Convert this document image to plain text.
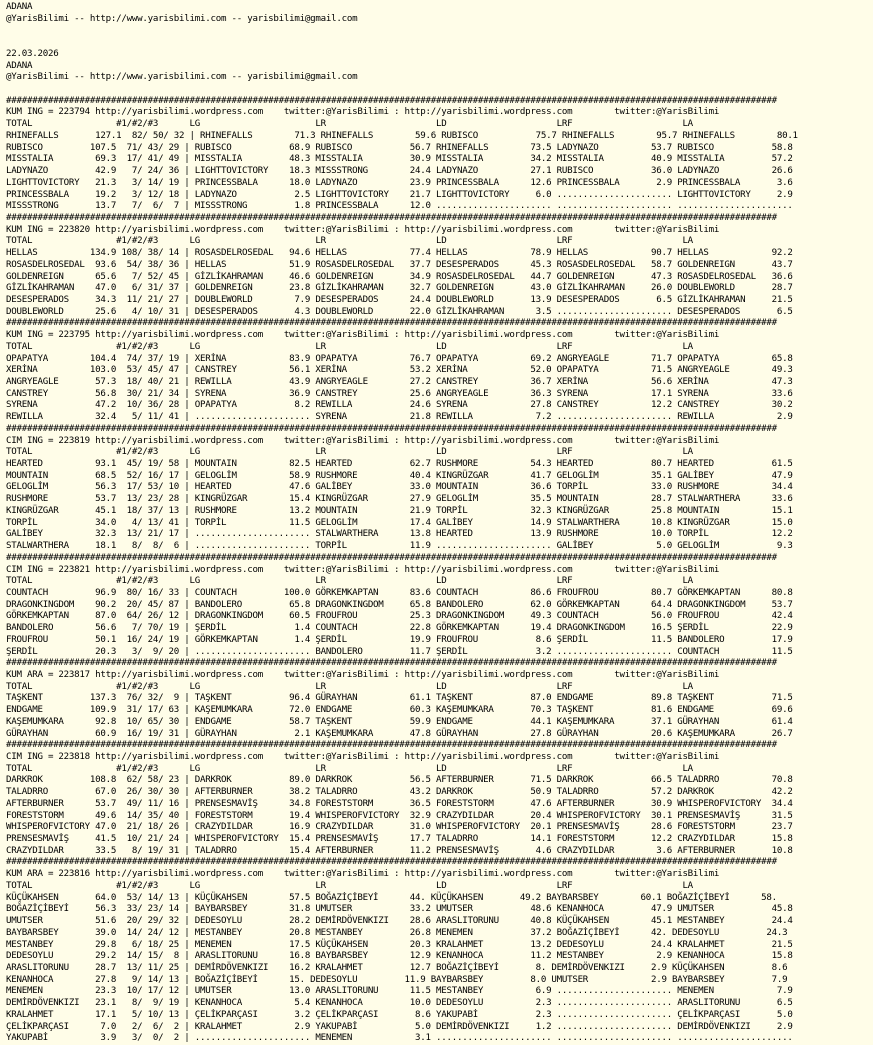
ADANA
@YarisBilimi -- http://www.yarisbilimi.com -- yarisbilimi@gmail.com
22.03.2026
ADANA
@YarisBilimi -- http://www.yarisbilimi.com -- yarisbilimi@gmail.com
###################################################################################################################################################
KUM ING = 223794 http://yarisbilimi.wordpress.com    twitter:@YarisBilimi : http://yarisbilimi.wordpress.com        twitter:@YarisBilimi
TOTAL                #1/#2/#3      LG                      LR                     LD                     LRF                     LA
RHINEFALLS       127.1  82/ 50/ 32 | RHINEFALLS        71.3 RHINEFALLS        59.6 RUBISCO           75.7 RHINEFALLS        95.7 RHINEFALLS        80.1
RUBISCO         107.5  71/ 43/ 29 | RUBISCO           68.9 RUBISCO           56.7 RHINEFALLS        73.5 LADYNAZO          53.7 RUBISCO           58.8
MISSTALIA        69.3  17/ 41/ 49 | MISSTALIA         48.3 MISSTALIA         30.9 MISSTALIA         34.2 MISSTALIA         40.9 MISSTALIA         57.2
LADYNAZO         42.9   7/ 24/ 36 | LIGHTTOVICTORY    18.3 MISSSTRONG        24.4 LADYNAZO          27.1 RUBISCO           36.0 LADYNAZO          26.6
LIGHTTOVICTORY   21.3   3/ 14/ 19 | PRINCESSBALA      18.0 LADYNAZO          23.9 PRINCESSBALA      12.6 PRINCESSBALA       2.9 PRINCESSBALA       3.6
PRINCESSBALA     19.2   3/ 12/ 18 | LADYNAZO           2.5 LIGHTTOVICTORY    21.7 LIGHTTOVICTORY     6.0 ...................... LIGHTTOVICTORY     2.9
MISSSTRONG       13.7   7/  6/  7 | MISSSTRONG         1.8 PRINCESSBALA      12.0 ...................... ...................... ......................
###################################################################################################################################################
KUM ING = 223820 http://yarisbilimi.wordpress.com    twitter:@YarisBilimi : http://yarisbilimi.wordpress.com        twitter:@YarisBilimi
TOTAL                #1/#2/#3      LG                      LR                     LD                     LRF                     LA
HELLAS          134.9 108/ 38/ 14 | ROSASDELROSEDAL   94.6 HELLAS            77.4 HELLAS            78.9 HELLAS            90.7 HELLAS            92.2
ROSASDELROSEDAL  93.6  54/ 38/ 36 | HELLAS            51.9 ROSASDELROSEDAL   37.7 DESESPERADOS      45.3 ROSASDELROSEDAL   58.7 GOLDENREIGN       43.7
GOLDENREIGN      65.6   7/ 52/ 45 | GİZLİKAHRAMAN     46.6 GOLDENREIGN       34.9 ROSASDELROSEDAL   44.7 GOLDENREIGN       47.3 ROSASDELROSEDAL   36.6
GİZLİKAHRAMAN    47.0   6/ 31/ 37 | GOLDENREIGN       23.8 GİZLİKAHRAMAN     32.7 GOLDENREIGN       43.0 GİZLİKAHRAMAN     26.0 DOUBLEWORLD       28.7
DESESPERADOS     34.3  11/ 21/ 27 | DOUBLEWORLD        7.9 DESESPERADOS      24.4 DOUBLEWORLD       13.9 DESESPERADOS       6.5 GİZLİKAHRAMAN     21.5
DOUBLEWORLD      25.6   4/ 10/ 31 | DESESPERADOS       4.3 DOUBLEWORLD       22.0 GİZLİKAHRAMAN      3.5 ...................... DESESPERADOS       6.5
###################################################################################################################################################
KUM ING = 223795 http://yarisbilimi.wordpress.com    twitter:@YarisBilimi : http://yarisbilimi.wordpress.com        twitter:@YarisBilimi
TOTAL                #1/#2/#3      LG                      LR                     LD                     LRF                     LA
OPAPATYA        104.4  74/ 37/ 19 | XERİNA            83.9 OPAPATYA          76.7 OPAPATYA          69.2 ANGRYEAGLE        71.7 OPAPATYA          65.8
XERİNA          103.0  53/ 45/ 47 | CANSTREY          56.1 XERİNA            53.2 XERİNA            52.0 OPAPATYA          71.5 ANGRYEAGLE        49.3
ANGRYEAGLE       57.3  18/ 40/ 21 | REWILLA           43.9 ANGRYEAGLE        27.2 CANSTREY          36.7 XERİNA            56.6 XERİNA            47.3
CANSTREY         56.8  30/ 21/ 34 | SYRENA            36.9 CANSTREY          25.6 ANGRYEAGLE        36.3 SYRENA            17.1 SYRENA            33.6
SYRENA           47.2  10/ 36/ 28 | OPAPATYA           8.2 REWILLA           24.6 SYRENA            27.8 CANSTREY          12.2 CANSTREY          30.2
REWILLA          32.4   5/ 11/ 41 | ...................... SYRENA            21.8 REWILLA            7.2 ...................... REWILLA            2.9
###################################################################################################################################################
CIM ING = 223819 http://yarisbilimi.wordpress.com    twitter:@YarisBilimi : http://yarisbilimi.wordpress.com        twitter:@YarisBilimi
TOTAL                #1/#2/#3      LG                      LR                     LD                     LRF                     LA
HEARTED          93.1  45/ 19/ 58 | MOUNTAIN          82.5 HEARTED           62.7 RUSHMORE          54.3 HEARTED           80.7 HEARTED           61.5
MOUNTAIN         68.5  52/ 16/ 17 | GELOGLİM          58.9 RUSHMORE          40.4 KINGRÜZGAR        41.7 GELOGLİM          35.1 GALİBEY           47.9
GELOGLİM         56.3  17/ 53/ 10 | HEARTED           47.6 GALİBEY           33.0 MOUNTAIN          36.6 TORPİL            33.0 RUSHMORE          34.4
RUSHMORE         53.7  13/ 23/ 28 | KINGRÜZGAR        15.4 KINGRÜZGAR        27.9 GELOGLİM          35.5 MOUNTAIN          28.7 STALWARTHERA      33.6
KINGRÜZGAR       45.1  18/ 37/ 13 | RUSHMORE          13.2 MOUNTAIN          21.9 TORPİL            32.3 KINGRÜZGAR        25.8 MOUNTAIN          15.1
TORPİL           34.0   4/ 13/ 41 | TORPİL            11.5 GELOGLİM          17.4 GALİBEY           14.9 STALWARTHERA      10.8 KINGRÜZGAR        15.0
GALİBEY          32.3  13/ 21/ 17 | ...................... STALWARTHERA      13.8 HEARTED           13.9 RUSHMORE          10.0 TORPİL            12.2
STALWARTHERA     18.1   8/  8/  6 | ...................... TORPİL            11.9 ...................... GALİBEY            5.0 GELOGLİM           9.3
###################################################################################################################################################
CIM ING = 223821 http://yarisbilimi.wordpress.com    twitter:@YarisBilimi : http://yarisbilimi.wordpress.com        twitter:@YarisBilimi
TOTAL                #1/#2/#3      LG                      LR                     LD                     LRF                     LA
COUNTACH         96.9  80/ 16/ 33 | COUNTACH         100.0 GÖRKEMKAPTAN      83.6 COUNTACH          86.6 FROUFROU          80.7 GÖRKEMKAPTAN      80.8
DRAGONKINGDOM    90.2  20/ 45/ 87 | BANDOLERO         65.8 DRAGONKINGDOM     65.8 BANDOLERO         62.0 GÖRKEMKAPTAN      64.4 DRAGONKINGDOM     53.7
GÖRKEMKAPTAN     87.0  64/ 26/ 12 | DRAGONKINGDOM     60.5 FROUFROU          25.3 DRAGONKINGDOM     49.3 COUNTACH          56.0 FROUFROU          42.4
BANDOLERO        56.6   7/ 70/ 19 | ŞERDİL             1.4 COUNTACH          22.8 GÖRKEMKAPTAN      19.4 DRAGONKINGDOM     16.5 ŞERDİL            22.9
FROUFROU         50.1  16/ 24/ 19 | GÖRKEMKAPTAN       1.4 ŞERDİL            19.9 FROUFROU           8.6 ŞERDİL            11.5 BANDOLERO         17.9
ŞERDİL           20.3   3/  9/ 20 | ...................... BANDOLERO         11.7 ŞERDİL             3.2 ...................... COUNTACH          11.5
###################################################################################################################################################
KUM ARA = 223817 http://yarisbilimi.wordpress.com    twitter:@YarisBilimi : http://yarisbilimi.wordpress.com        twitter:@YarisBilimi
TOTAL                #1/#2/#3      LG                      LR                     LD                     LRF                     LA
TAŞKENT         137.3  76/ 32/  9 | TAŞKENT           96.4 GÜRAYHAN          61.1 TAŞKENT           87.0 ENDGAME           89.8 TAŞKENT           71.5
ENDGAME         109.9  31/ 17/ 63 | KAŞEMUMKARA       72.0 ENDGAME           60.3 KAŞEMUMKARA       70.3 TAŞKENT           81.6 ENDGAME           69.6
KAŞEMUMKARA      92.8  10/ 65/ 30 | ENDGAME           58.7 TAŞKENT           59.9 ENDGAME           44.1 KAŞEMUMKARA       37.1 GÜRAYHAN          61.4
GÜRAYHAN         60.9  16/ 19/ 31 | GÜRAYHAN           2.1 KAŞEMUMKARA       47.8 GÜRAYHAN          27.8 GÜRAYHAN          20.6 KAŞEMUMKARA       26.7
###################################################################################################################################################
CIM ING = 223818 http://yarisbilimi.wordpress.com    twitter:@YarisBilimi : http://yarisbilimi.wordpress.com        twitter:@YarisBilimi
TOTAL                #1/#2/#3      LG                      LR                     LD                     LRF                     LA
DARKROK         108.8  62/ 58/ 23 | DARKROK           89.0 DARKROK           56.5 AFTERBURNER       71.5 DARKROK           66.5 TALADRRO          70.8
TALADRRO         67.0  26/ 30/ 30 | AFTERBURNER       38.2 TALADRRO          43.2 DARKROK           50.9 TALADRRO          57.2 DARKROK           42.2
AFTERBURNER      53.7  49/ 11/ 16 | PRENSESMAVİŞ      34.8 FORESTSTORM       36.5 FORESTSTORM       47.6 AFTERBURNER       30.9 WHISPEROFVICTORY  34.4
FORESTSTORM      49.6  14/ 35/ 40 | FORESTSTORM       19.4 WHISPEROFVICTORY  32.9 CRAZYDILDAR       20.4 WHISPEROFVICTORY  30.1 PRENSESMAVİŞ      31.5
WHISPEROFVICTORY 47.0  21/ 18/ 26 | CRAZYDILDAR       16.9 CRAZYDILDAR       31.0 WHISPEROFVICTORY  20.1 PRENSESMAVİŞ      28.6 FORESTSTORM       23.7
PRENSESMAVİŞ     41.5  10/ 21/ 24 | WHISPEROFVICTORY  15.4 PRENSESMAVİŞ      17.7 TALADRRO          14.1 FORESTSTORM       12.2 CRAZYDILDAR       15.8
CRAZYDILDAR      33.5   8/ 19/ 31 | TALADRRO          15.4 AFTERBURNER       11.2 PRENSESMAVİŞ       4.6 CRAZYDILDAR        3.6 AFTERBURNER       10.8
###################################################################################################################################################
KUM ARA = 223816 http://yarisbilimi.wordpress.com    twitter:@YarisBilimi : http://yarisbilimi.wordpress.com        twitter:@YarisBilimi
TOTAL                #1/#2/#3      LG                      LR                     LD                     LRF                     LA
KÜÇÜKAHSEN       64.0  53/ 14/ 13 | KÜÇÜKAHSEN        57.5 BOĞAZİÇİBEYİ      44. KÜÇÜKAHSEN       49.2 BAYBARSBEY        60.1 BOĞAZİÇİBEYİ      58.
BOĞAZİÇİBEYİ     56.3  33/ 23/ 14 | BAYBARSBEY        31.8 UMUTSER           33.2 UMUTSER           48.6 KENANHOCA         47.9 UMUTSER           45.8
UMUTSER          51.6  20/ 29/ 32 | DEDESOYLU         28.2 DEMİRDÖVENKIZI    28.6 ARASLITORUNU      40.8 KÜÇÜKAHSEN        45.1 MESTANBEY         24.4
BAYBARSBEY       39.0  14/ 24/ 12 | MESTANBEY         20.8 MESTANBEY         26.8 MENEMEN           37.2 BOĞAZİÇİBEYİ      42. DEDESOYLU         24.3
MESTANBEY        29.8   6/ 18/ 25 | MENEMEN           17.5 KÜÇÜKAHSEN        20.3 KRALAHMET         13.2 DEDESOYLU         24.4 KRALAHMET         21.5
DEDESOYLU        29.2  14/ 15/  8 | ARASLITORUNU      16.8 BAYBARSBEY        12.9 KENANHOCA         11.2 MESTANBEY          2.9 KENANHOCA         15.8
ARASLITORUNU     28.7  13/ 11/ 25 | DEMİRDÖVENKIZI    16.2 KRALAHMET         12.7 BOĞAZİÇİBEYİ       8. DEMİRDÖVENKIZI     2.9 KÜÇÜKAHSEN         8.6
KENANHOCA        27.8   9/ 14/ 13 | BOĞAZİÇİBEYİ      15. DEDESOYLU         11.9 BAYBARSBEY         8.0 UMUTSER            2.9 BAYBARSBEY         7.9
MENEMEN          23.3  10/ 17/ 12 | UMUTSER           13.0 ARASLITORUNU      11.5 MESTANBEY          6.9 ...................... MENEMEN            7.9
DEMİRDÖVENKIZI   23.1   8/  9/ 19 | KENANHOCA          5.4 KENANHOCA         10.0 DEDESOYLU          2.3 ...................... ARASLITORUNU       6.5
KRALAHMET        17.1   5/ 10/ 13 | ÇELİKPARÇASI       3.2 ÇELİKPARÇASI       8.6 YAKUPABİ           2.3 ...................... ÇELİKPARÇASI       5.0
ÇELİKPARÇASI      7.0   2/  6/  2 | KRALAHMET          2.9 YAKUPABİ           5.0 DEMİRDÖVENKIZI     1.2 ...................... DEMİRDÖVENKIZI     2.9
YAKUPABİ          3.9   3/  0/  2 | ...................... MENEMEN            3.1 ...................... ...................... ......................
